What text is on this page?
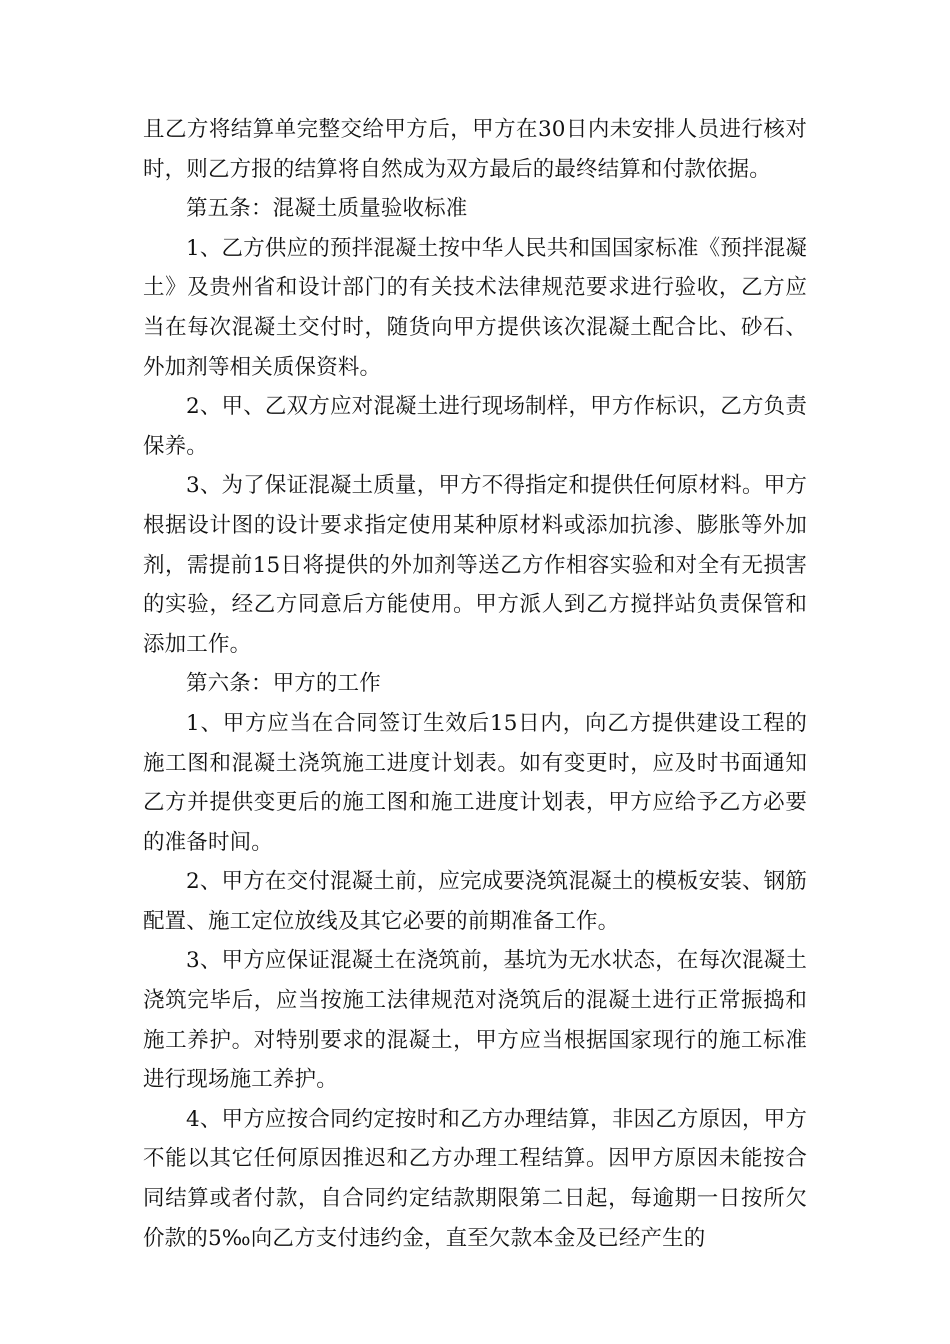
且乙方将结算单完整交给甲方后，甲方在30日内未安排人员进行核对时，则乙方报的结算将自然成为双方最后的最终结算和付款依据。

第五条：混凝土质量验收标准

1、乙方供应的预拌混凝土按中华人民共和国国家标准《预拌混凝土》及贵州省和设计部门的有关技术法律规范要求进行验收，乙方应当在每次混凝土交付时，随货向甲方提供该次混凝土配合比、砂石、外加剂等相关质保资料。

2、甲、乙双方应对混凝土进行现场制样，甲方作标识，乙方负责保养。

3、为了保证混凝土质量，甲方不得指定和提供任何原材料。甲方根据设计图的设计要求指定使用某种原材料或添加抗渗、膨胀等外加剂，需提前15日将提供的外加剂等送乙方作相容实验和对全有无损害的实验，经乙方同意后方能使用。甲方派人到乙方搅拌站负责保管和添加工作。

第六条：甲方的工作

1、甲方应当在合同签订生效后15日内，向乙方提供建设工程的施工图和混凝土浇筑施工进度计划表。如有变更时，应及时书面通知乙方并提供变更后的施工图和施工进度计划表，甲方应给予乙方必要的准备时间。

2、甲方在交付混凝土前，应完成要浇筑混凝土的模板安装、钢筋配置、施工定位放线及其它必要的前期准备工作。

3、甲方应保证混凝土在浇筑前，基坑为无水状态，在每次混凝土浇筑完毕后，应当按施工法律规范对浇筑后的混凝土进行正常振捣和施工养护。对特别要求的混凝土，甲方应当根据国家现行的施工标准进行现场施工养护。

4、甲方应按合同约定按时和乙方办理结算，非因乙方原因，甲方不能以其它任何原因推迟和乙方办理工程结算。因甲方原因未能按合同结算或者付款，自合同约定结款期限第二日起，每逾期一日按所欠价款的5‰向乙方支付违约金，直至欠款本金及已经产生的
